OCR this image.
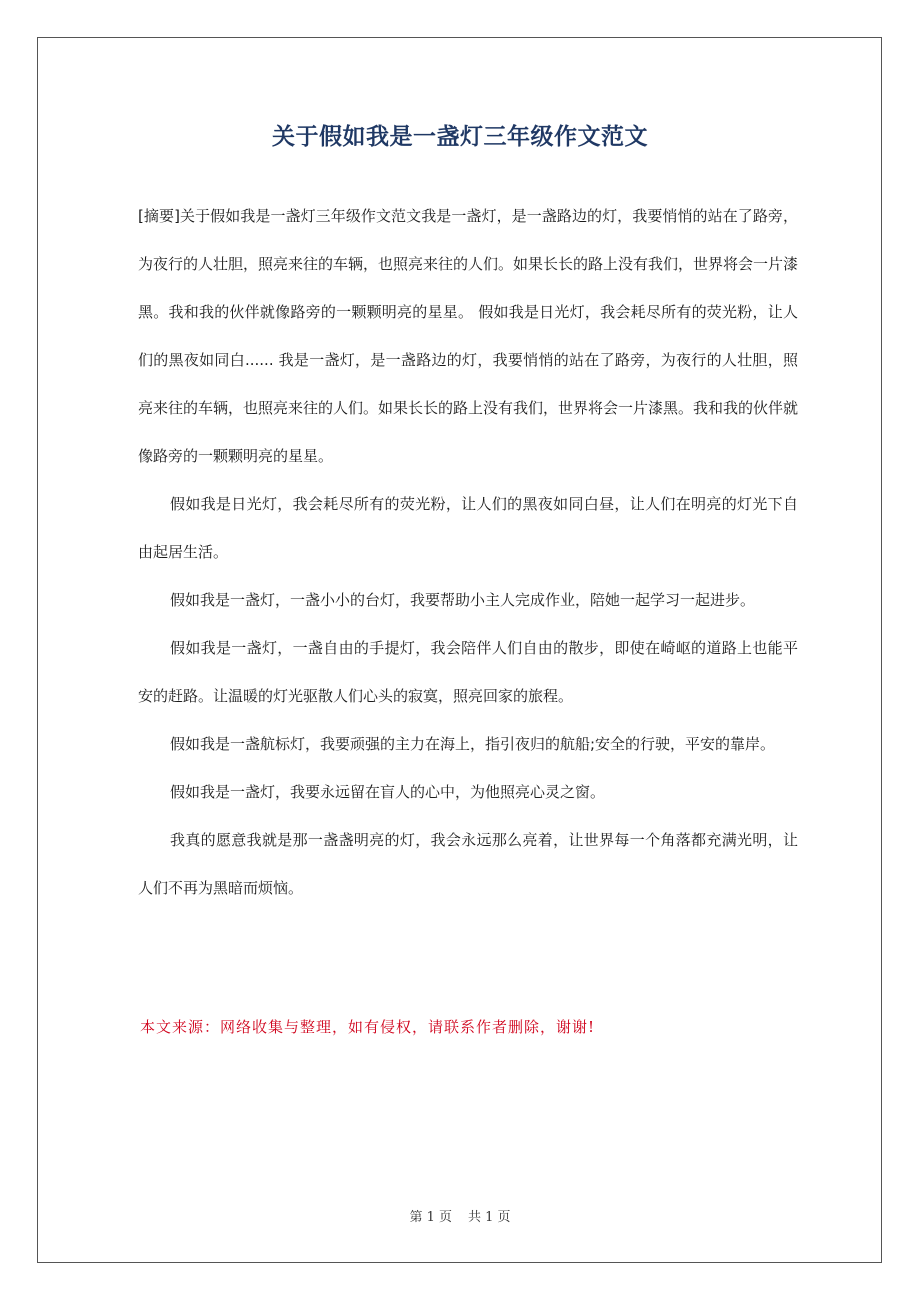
关于假如我是一盏灯三年级作文范文

[摘要]关于假如我是一盏灯三年级作文范文我是一盏灯，是一盏路边的灯，我要悄悄的站在了路旁，为夜行的人壮胆，照亮来往的车辆，也照亮来往的人们。如果长长的路上没有我们，世界将会一片漆黑。我和我的伙伴就像路旁的一颗颗明亮的星星。 假如我是日光灯，我会耗尽所有的荧光粉，让人们的黑夜如同白...... 我是一盏灯，是一盏路边的灯，我要悄悄的站在了路旁，为夜行的人壮胆，照亮来往的车辆，也照亮来往的人们。如果长长的路上没有我们，世界将会一片漆黑。我和我的伙伴就像路旁的一颗颗明亮的星星。

假如我是日光灯，我会耗尽所有的荧光粉，让人们的黑夜如同白昼，让人们在明亮的灯光下自由起居生活。

假如我是一盏灯，一盏小小的台灯，我要帮助小主人完成作业，陪她一起学习一起进步。

假如我是一盏灯，一盏自由的手提灯，我会陪伴人们自由的散步，即使在崎岖的道路上也能平安的赶路。让温暖的灯光驱散人们心头的寂寞，照亮回家的旅程。

假如我是一盏航标灯，我要顽强的主力在海上，指引夜归的航船;安全的行驶，平安的靠岸。

假如我是一盏灯，我要永远留在盲人的心中，为他照亮心灵之窗。

我真的愿意我就是那一盏盏明亮的灯，我会永远那么亮着，让世界每一个角落都充满光明，让人们不再为黑暗而烦恼。

本文来源：网络收集与整理，如有侵权，请联系作者删除，谢谢!
第 1 页 共 1 页
